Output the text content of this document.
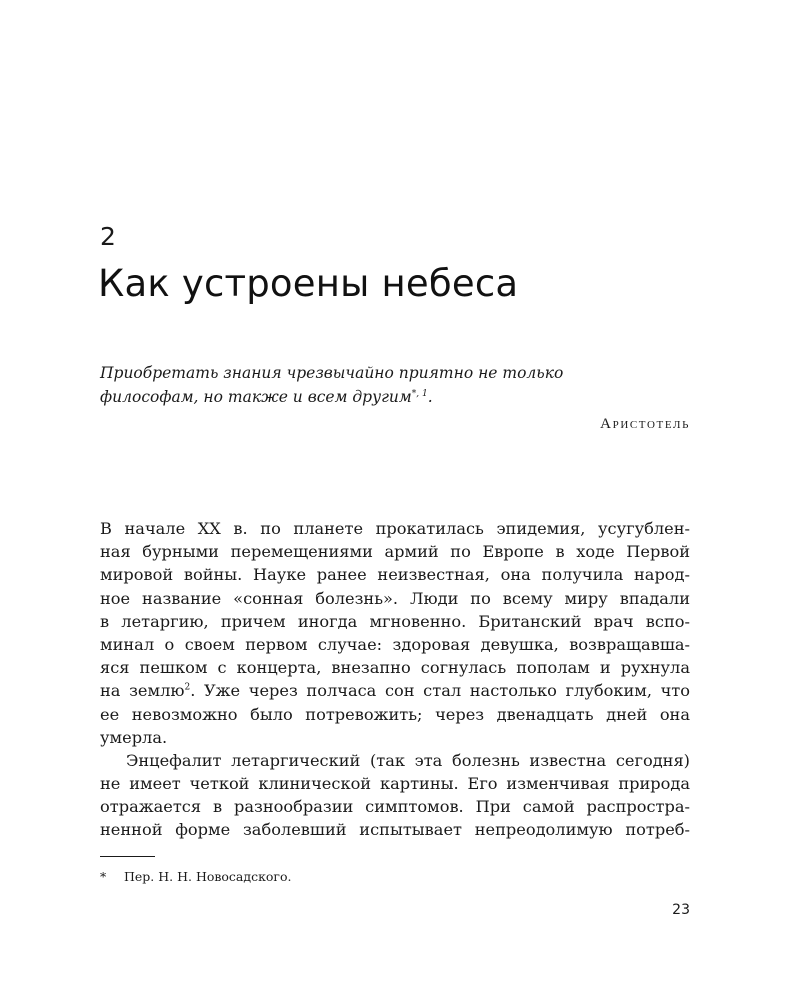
2
Как устроены небеса
Приобретать знания чрезвычайно приятно не только
философам, но также и всем другим$^{*, 1}$.
Аристотель
В начале XX в. по планете прокатилась эпидемия, усугублен-
ная бурными перемещениями армий по Европе в ходе Первой
мировой войны. Науке ранее неизвестная, она получила народ-
ное название «сонная болезнь». Люди по всему миру впадали
в летаргию, причем иногда мгновенно. Британский врач вспо-
минал о своем первом случае: здоровая девушка, возвращавша-
яся пешком с концерта, внезапно согнулась пополам и рухнула
на землю$^2$. Уже через полчаса сон стал настолько глубоким, что
ее невозможно было потревожить; через двенадцать дней она
умерла.
Энцефалит летаргический (так эта болезнь известна сегодня)
не имеет четкой клинической картины. Его изменчивая природа
отражается в разнообразии симптомов. При самой распростра-
ненной форме заболевший испытывает непреодолимую потреб-
* Пер. Н. Н. Новосадского.
23
